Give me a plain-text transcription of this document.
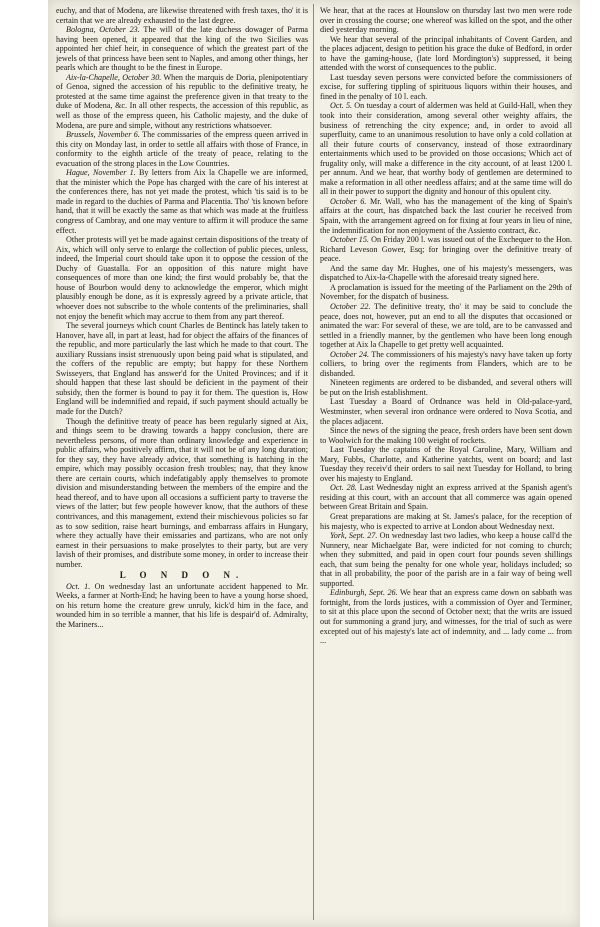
euchy, and that of Modena, are likewise threatened with fresh taxes, tho' it is certain that we are already exhausted to the last degree.

Bologna, October 23. The will of the late duchess dowager of Parma having been opened, it appeared that the king of the two Sicilies was appointed her chief heir, in consequence of which the greatest part of the jewels of that princess have been sent to Naples, and among other things, her pearls which are thought to be the finest in Europe.

Aix-la-Chapelle, October 30. When the marquis de Doria, plenipotentiary of Genoa, signed the accession of his republic to the definitive treaty, he protested at the same time against the preference given in that treaty to the duke of Modena, &c. In all other respects, the accession of this republic, as well as those of the empress queen, his Catholic majesty, and the duke of Modena, are pure and simple, without any restrictions whatsoever.

Brussels, November 6. The commissaries of the empress queen arrived in this city on Monday last, in order to settle all affairs with those of France, in conformity to the eighth article of the treaty of peace, relating to the evacuation of the strong places in the Low Countries.

Hague, November 1. By letters from Aix la Chapelle we are informed, that the minister which the Pope has charged with the care of his interest at the conferences there, has not yet made the protest, which 'tis said is to be made in regard to the duchies of Parma and Placentia. Tho' 'tis known before hand, that it will be exactly the same as that which was made at the fruitless congress of Cambray, and one may venture to affirm it will produce the same effect.

Other protests will yet be made against certain dispositions of the treaty of Aix, which will only serve to enlarge the collection of public pieces, unless, indeed, the Imperial court should take upon it to oppose the cession of the Duchy of Guastalla. For an opposition of this nature might have consequences of more than one kind; the first would probably be, that the house of Bourbon would deny to acknowledge the emperor, which might plausibly enough be done, as it is expressly agreed by a private article, that whoever does not subscribe to the whole contents of the preliminaries, shall not enjoy the benefit which may accrue to them from any part thereof.

The several journeys which count Charles de Bentinck has lately taken to Hanover, have all, in part at least, had for object the affairs of the finances of the republic, and more particularly the last which he made to that court. The auxiliary Russians insist strenuously upon being paid what is stipulated, and the coffers of the republic are empty; but happy for these Northern Swisseyers, that England has answer'd for the United Provinces; and if it should happen that these last should be deficient in the payment of their subsidy, then the former is bound to pay it for them. The question is, How England will be indemnified and repaid, if such payment should actually be made for the Dutch?

Though the definitive treaty of peace has been regularly signed at Aix, and things seem to be drawing towards a happy conclusion, there are nevertheless persons, of more than ordinary knowledge and experience in public affairs, who positively affirm, that it will not be of any long duration; for they say, they have already advice, that something is hatching in the empire, which may possibly occasion fresh troubles; nay, that they know there are certain courts, which indefatigably apply themselves to promote division and misunderstanding between the members of the empire and the head thereof, and to have upon all occasions a sufficient party to traverse the views of the latter; but few people however know, that the authors of these contrivances, and this management, extend their mischievous policies so far as to sow sedition, raise heart burnings, and embarrass affairs in Hungary, where they actually have their emissaries and partizans, who are not only earnest in their persuasions to make proselytes to their party, but are very lavish of their promises, and distribute some money, in order to increase their number.

L O N D O N.

Oct. 1. On wednesday last an unfortunate accident happened to Mr. Weeks, a farmer at North-End; he having been to have a young horse shoed, on his return home the creature grew unruly, kick'd him in the face, and wounded him in so terrible a manner, that his life is despair'd of. Admiralty, the Mariners...

We hear, that at the races at Hounslow on thursday last two men were rode over in crossing the course; one whereof was killed on the spot, and the other died yesterday morning.

We hear that several of the principal inhabitants of Covent Garden, and the places adjacent, design to petition his grace the duke of Bedford, in order to have the gaming-house, (late lord Mordington's) suppressed, it being attended with the worst of consequences to the public.

Last tuesday seven persons were convicted before the commissioners of excise, for suffering tippling of spirituous liquors within their houses, and fined in the penalty of 10 l. each.

Oct. 5. On tuesday a court of aldermen was held at Guild-Hall, when they took into their consideration, among several other weighty affairs, the business of retrenching the city expence; and, in order to avoid all superfluity, came to an unanimous resolution to have only a cold collation at all their future courts of conservancy, instead of those extraordinary entertainments which used to be provided on those occasions; Which act of frugality only, will make a difference in the city account, of at least 1200 l. per annum. And we hear, that worthy body of gentlemen are determined to make a reformation in all other needless affairs; and at the same time will do all in their power to support the dignity and honour of this opulent city.

October 6. Mr. Wall, who has the management of the king of Spain's affairs at the court, has dispatched back the last courier he received from Spain, with the arrangement agreed on for fixing at four years in lieu of nine, the indemnification for non enjoyment of the Assiento contract, &c.

October 15. On Friday 200 l. was issued out of the Exchequer to the Hon. Richard Leveson Gower, Esq; for bringing over the definitive treaty of peace.

And the same day Mr. Hughes, one of his majesty's messengers, was dispatched to Aix-la-Chapelle with the aforesaid treaty signed here.

A proclamation is issued for the meeting of the Parliament on the 29th of November, for the dispatch of business.

October 22. The definitive treaty, tho' it may be said to conclude the peace, does not, however, put an end to all the disputes that occasioned or animated the war: For several of these, we are told, are to be canvassed and settled in a friendly manner, by the gentlemen who have been long enough together at Aix la Chapelle to get pretty well acquainted.

October 24. The commissioners of his majesty's navy have taken up forty colliers, to bring over the regiments from Flanders, which are to be disbanded.

Nineteen regiments are ordered to be disbanded, and several others will be put on the Irish establishment.

Last Tuesday a Board of Ordnance was held in Old-palace-yard, Westminster, when several iron ordnance were ordered to Nova Scotia, and the places adjacent.

Since the news of the signing the peace, fresh orders have been sent down to Woolwich for the making 100 weight of rockets.

Last Tuesday the captains of the Royal Caroline, Mary, William and Mary, Fubbs, Charlotte, and Katherine yatchts, went on board; and last Tuesday they receiv'd their orders to sail next Tuesday for Holland, to bring over his majesty to England.

Oct. 28. Last Wednesday night an express arrived at the Spanish agent's residing at this court, with an account that all commerce was again opened between Great Britain and Spain.

Great preparations are making at St. James's palace, for the reception of his majesty, who is expected to arrive at London about Wednesday next.

York, Sept. 27. On wednesday last two ladies, who keep a house call'd the Nunnery, near Michaelgate Bar, were indicted for not coming to church; when they submitted, and paid in open court four pounds seven shillings each, that sum being the penalty for one whole year, holidays included; so that in all probability, the poor of the parish are in a fair way of being well supported.

Edinburgh, Sept. 26. We hear that an express came down on sabbath was fortnight, from the lords justices, with a commission of Oyer and Terminer, to sit at this place upon the second of October next; that the writs are issued out for summoning a grand jury, and witnesses, for the trial of such as were excepted out of his majesty's late act of indemnity, and ... lady come ... from ...
